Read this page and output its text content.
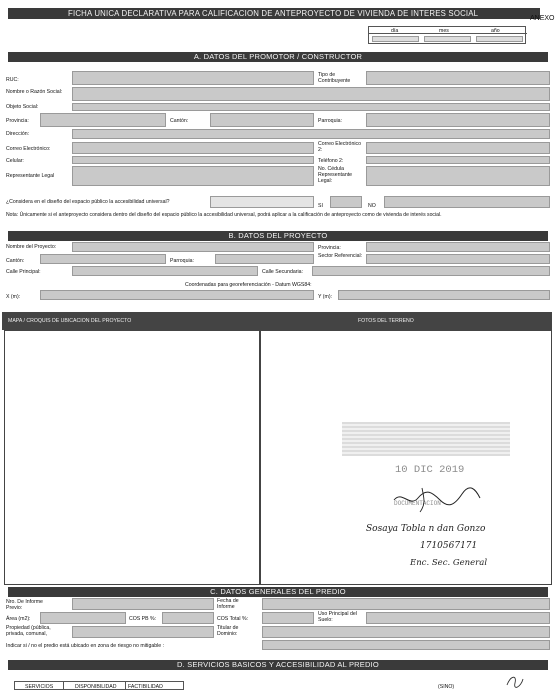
FICHA UNICA DECLARATIVA PARA CALIFICACION DE ANTEPROYECTO DE VIVIENDA DE INTERES SOCIAL
ANEXO
día	mes	año
A. DATOS DEL PROMOTOR / CONSTRUCTOR
RUC:
Tipo de Contribuyente
Nombre o Razón Social:
Objeto Social:
Provincia:	Cantón:	Parroquia:
Dirección:
Correo Electrónico:
Correo Electrónico 2:
Celular:	Teléfono 2:
Representante Legal
No. Cédula Representante Legal:
¿Considera en el diseño del espacio público la accesibilidad universal?
SI	NO
Nota: Únicamente si el anteproyecto considera dentro del diseño del espacio público la accesibilidad universal, podrá aplicar a la calificación de anteproyecto como de vivienda de interés social.
B. DATOS DEL PROYECTO
Nombre del Proyecto:	Provincia:
Cantón:	Parroquia:
Sector Referencial:
Calle Principal:	Calle Secundaria:
Coordenadas para georeferenciación - Datum WGS84:
X (m):	Y (m):
MAPA / CROQUIS DE UBICACION DEL PROYECTO	FOTOS DEL TERRENO
10 DIC 2019
DOCUMENTACION
Sosaya Tobla n dan Gonzo
1710567171
Enc. Sec. General
C. DATOS GENERALES DEL PREDIO
Nro. De Informe Previo:
Fecha de Informe
Área (m2):	COS PB %:	COS Total %:
Uso Principal del Suelo:
Propiedad (pública, privada, comunal,
Titular de Dominio:
Indicar si / no el predio está ubicado en zona de riesgo no mitigable :
D. SERVICIOS BASICOS Y ACCESIBILIDAD AL PREDIO
SERVICIOS	DISPONIBILIDAD FACTIBILIDAD	(SINO)
